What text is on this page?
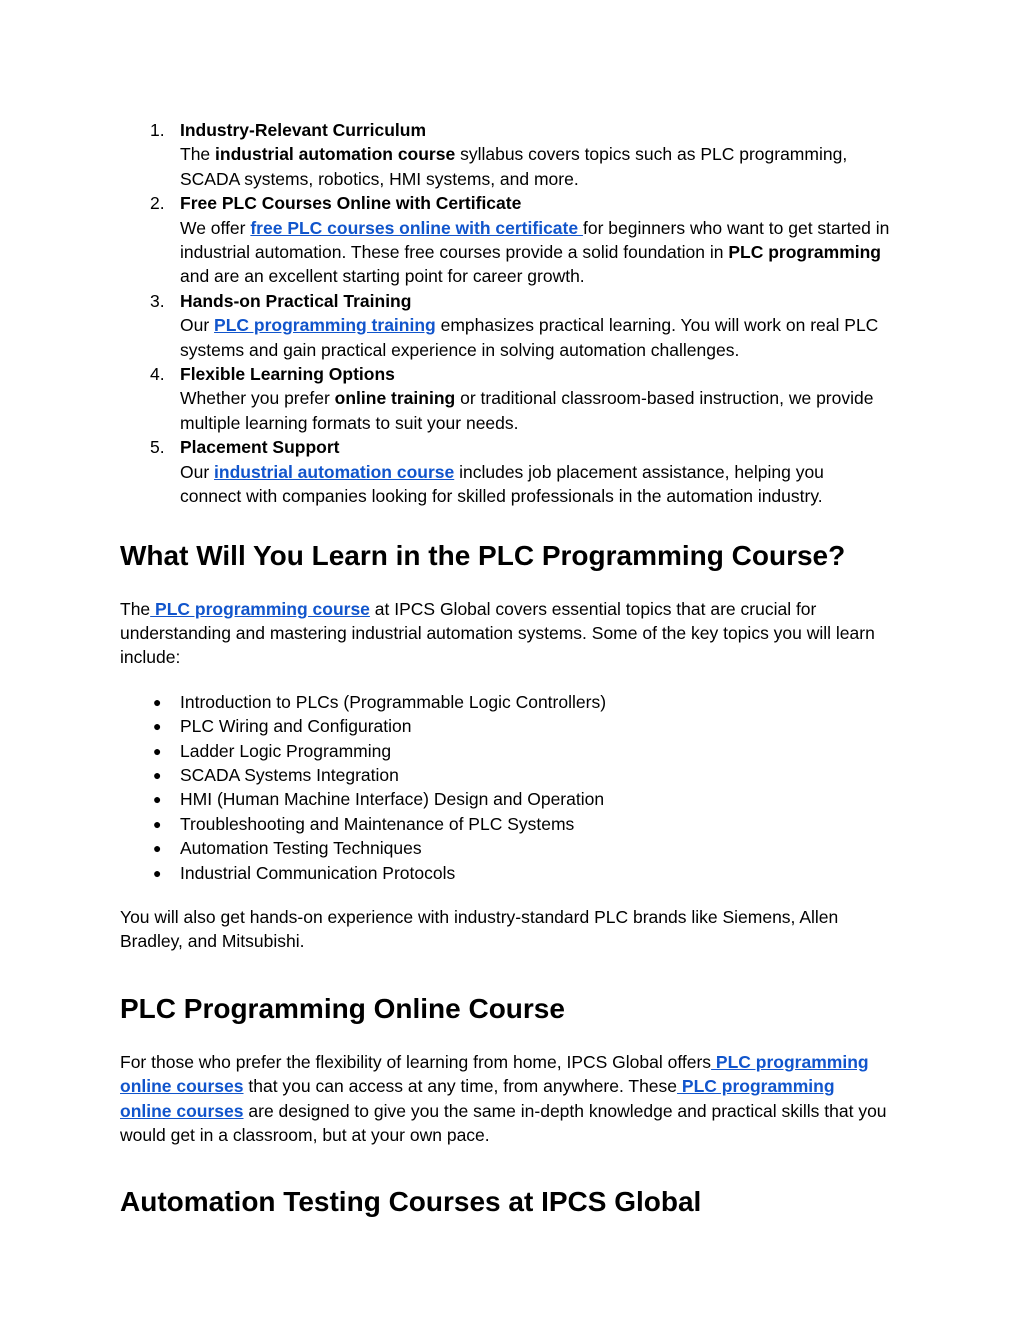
1. Industry-Relevant Curriculum
The industrial automation course syllabus covers topics such as PLC programming, SCADA systems, robotics, HMI systems, and more.
2. Free PLC Courses Online with Certificate
We offer free PLC courses online with certificate for beginners who want to get started in industrial automation. These free courses provide a solid foundation in PLC programming and are an excellent starting point for career growth.
3. Hands-on Practical Training
Our PLC programming training emphasizes practical learning. You will work on real PLC systems and gain practical experience in solving automation challenges.
4. Flexible Learning Options
Whether you prefer online training or traditional classroom-based instruction, we provide multiple learning formats to suit your needs.
5. Placement Support
Our industrial automation course includes job placement assistance, helping you connect with companies looking for skilled professionals in the automation industry.
What Will You Learn in the PLC Programming Course?

The PLC programming course at IPCS Global covers essential topics that are crucial for understanding and mastering industrial automation systems. Some of the key topics you will learn include:

● Introduction to PLCs (Programmable Logic Controllers)
● PLC Wiring and Configuration
● Ladder Logic Programming
● SCADA Systems Integration
● HMI (Human Machine Interface) Design and Operation
● Troubleshooting and Maintenance of PLC Systems
● Automation Testing Techniques
● Industrial Communication Protocols

You will also get hands-on experience with industry-standard PLC brands like Siemens, Allen Bradley, and Mitsubishi.

PLC Programming Online Course

For those who prefer the flexibility of learning from home, IPCS Global offers PLC programming online courses that you can access at any time, from anywhere. These PLC programming online courses are designed to give you the same in-depth knowledge and practical skills that you would get in a classroom, but at your own pace.

Automation Testing Courses at IPCS Global
